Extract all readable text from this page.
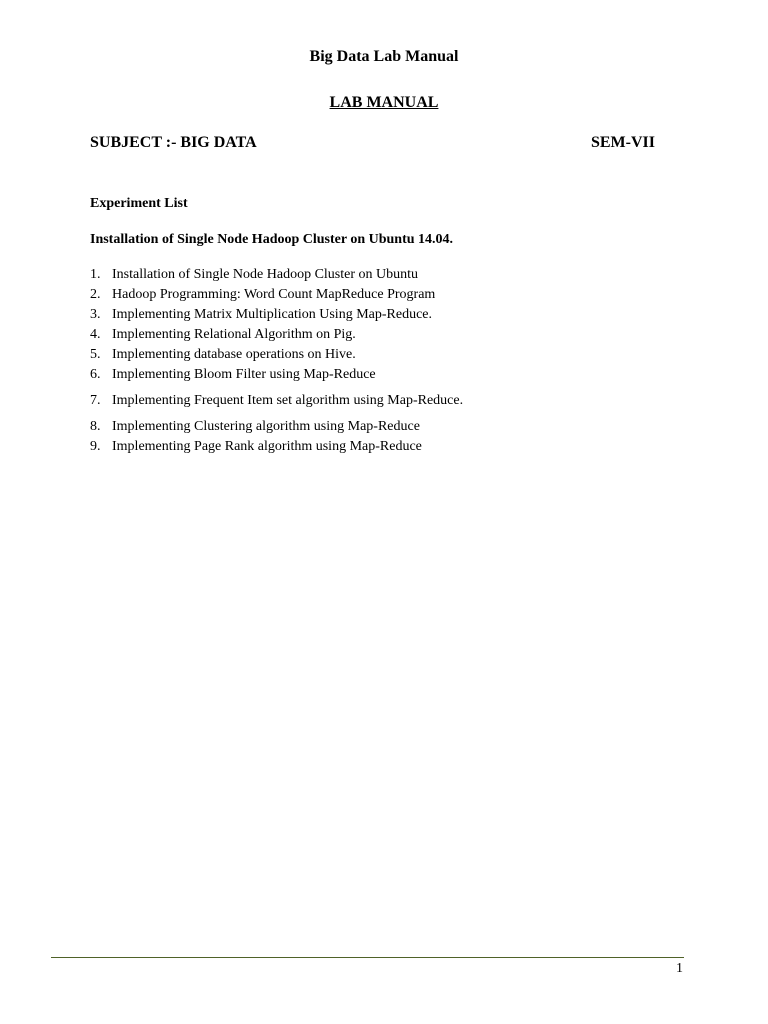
Big Data Lab Manual
LAB MANUAL
SUBJECT :- BIG DATA	SEM-VII
Experiment List
Installation of Single Node Hadoop Cluster on Ubuntu 14.04.
1. Installation of Single Node Hadoop Cluster on Ubuntu
2. Hadoop Programming: Word Count MapReduce Program
3. Implementing Matrix Multiplication Using Map-Reduce.
4. Implementing Relational Algorithm on Pig.
5. Implementing database operations on Hive.
6. Implementing Bloom Filter using Map-Reduce
7. Implementing Frequent Item set algorithm using Map-Reduce.
8. Implementing Clustering algorithm using Map-Reduce
9. Implementing Page Rank algorithm using Map-Reduce
1
